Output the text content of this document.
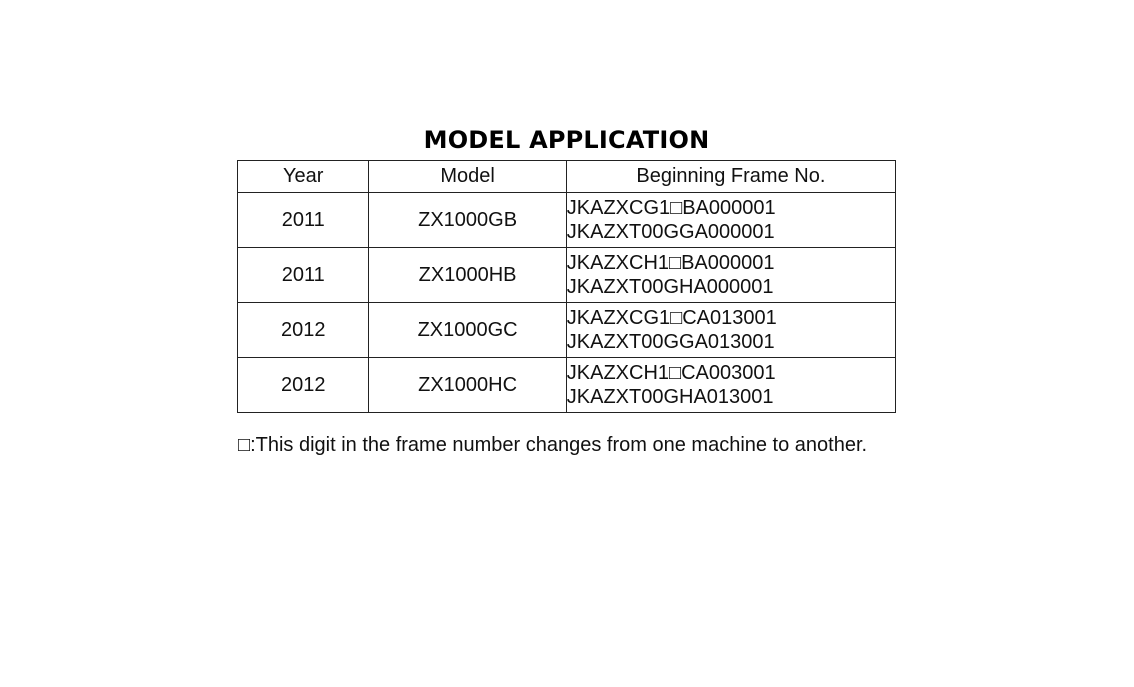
MODEL APPLICATION
Year	Model	Beginning Frame No.
2011	ZX1000GB	JKAZXCG1□BA000001
JKAZXT00GGA000001

2011	ZX1000HB	JKAZXCH1□BA000001
JKAZXT00GHA000001

2012	ZX1000GC	JKAZXCG1□CA013001
JKAZXT00GGA013001

2012	ZX1000HC	JKAZXCH1□CA003001
JKAZXT00GHA013001
□:This digit in the frame number changes from one machine to another.
